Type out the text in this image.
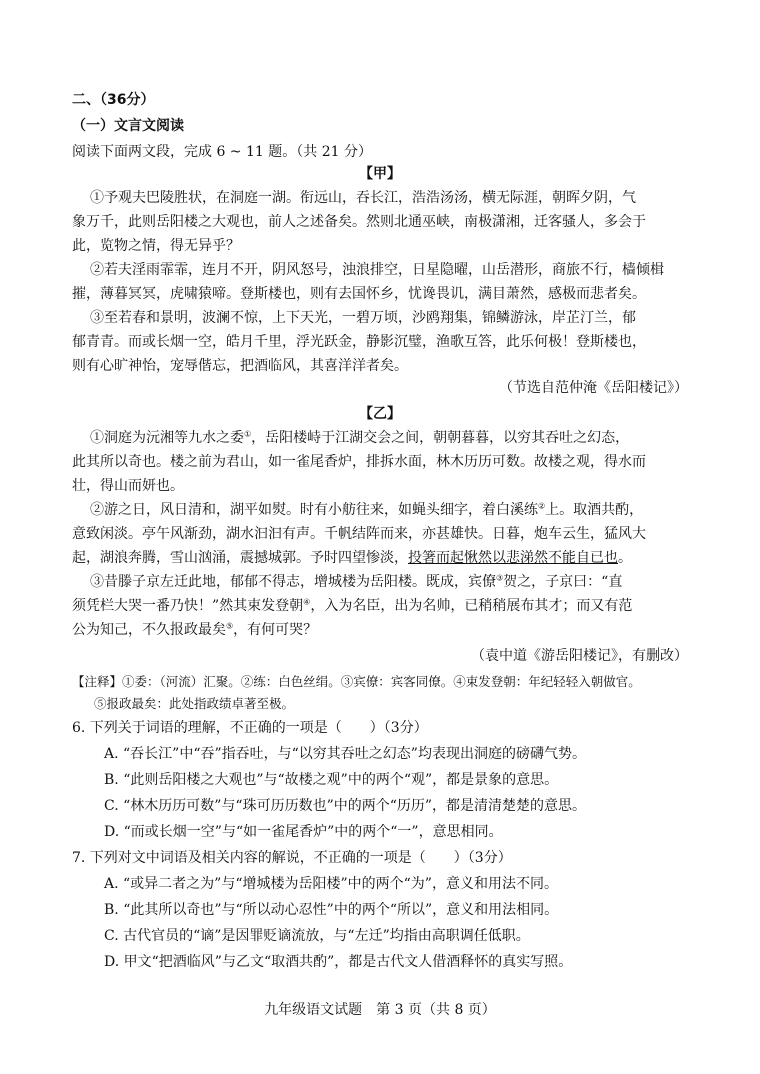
二、（36分）
（一）文言文阅读
阅读下面两文段，完成 6 ~ 11 题。（共 21 分）
【甲】
①予观夫巴陵胜状，在洞庭一湖。衔远山，吞长江，浩浩汤汤，横无际涯，朝晖夕阴，气
象万千，此则岳阳楼之大观也，前人之述备矣。然则北通巫峡，南极潇湘，迁客骚人，多会于
此，览物之情，得无异乎？
②若夫淫雨霏霏，连月不开，阴风怒号，浊浪排空，日星隐曜，山岳潜形，商旅不行，樯倾楫
摧，薄暮冥冥，虎啸猿啼。登斯楼也，则有去国怀乡，忧谗畏讥，满目萧然，感极而悲者矣。
③至若春和景明，波澜不惊，上下天光，一碧万顷，沙鸥翔集，锦鳞游泳，岸芷汀兰，郁
郁青青。而或长烟一空，皓月千里，浮光跃金，静影沉璧，渔歌互答，此乐何极！登斯楼也，
则有心旷神怡，宠辱偕忘，把酒临风，其喜洋洋者矣。
（节选自范仲淹《岳阳楼记》）
【乙】
①洞庭为沅湘等九水之委①，岳阳楼峙于江湖交会之间，朝朝暮暮，以穷其吞吐之幻态，
此其所以奇也。楼之前为君山，如一雀尾香炉，排拆水面，林木历历可数。故楼之观，得水而
壮，得山而妍也。
②游之日，风日清和，湖平如熨。时有小舫往来，如蝇头细字，着白溪练②上。取酒共酌，
意致闲淡。亭午风渐劲，湖水汩汩有声。千帆结阵而来，亦甚雄快。日暮，炮车云生，猛风大
起，湖浪奔腾，雪山汹涌，震撼城郭。予时四望惨淡，投箸而起愀然以悲涕然不能自已也。
③昔滕子京左迁此地，郁郁不得志，增城楼为岳阳楼。既成，宾僚③贺之，子京曰：“直
须凭栏大哭一番乃快！”然其束发登朝④，入为名臣，出为名帅，已稍稍展布其才；而又有范
公为知己，不久报政最矣⑤，有何可哭？
（袁中道《游岳阳楼记》，有删改）
【注释】①委：（河流）汇聚。②练：白色丝绢。③宾僚：宾客同僚。④束发登朝：年纪轻轻入朝做官。
⑤报政最矣：此处指政绩卓著至极。
6. 下列关于词语的理解，不正确的一项是（　　）（3分）
A. “吞长江”中“吞”指吞吐，与“以穷其吞吐之幻态”均表现出洞庭的磅礴气势。
B. “此则岳阳楼之大观也”与“故楼之观”中的两个“观”，都是景象的意思。
C. “林木历历可数”与“珠可历历数也”中的两个“历历”，都是清清楚楚的意思。
D. “而或长烟一空”与“如一雀尾香炉”中的两个“一”，意思相同。
7. 下列对文中词语及相关内容的解说，不正确的一项是（　　）（3分）
A. “或异二者之为”与“增城楼为岳阳楼”中的两个“为”，意义和用法不同。
B. “此其所以奇也”与“所以动心忍性”中的两个“所以”，意义和用法相同。
C. 古代官员的“谪”是因罪贬谪流放，与“左迁”均指由高职调任低职。
D. 甲文“把酒临风”与乙文“取酒共酌”，都是古代文人借酒释怀的真实写照。
九年级语文试题　第 3 页（共 8 页）
